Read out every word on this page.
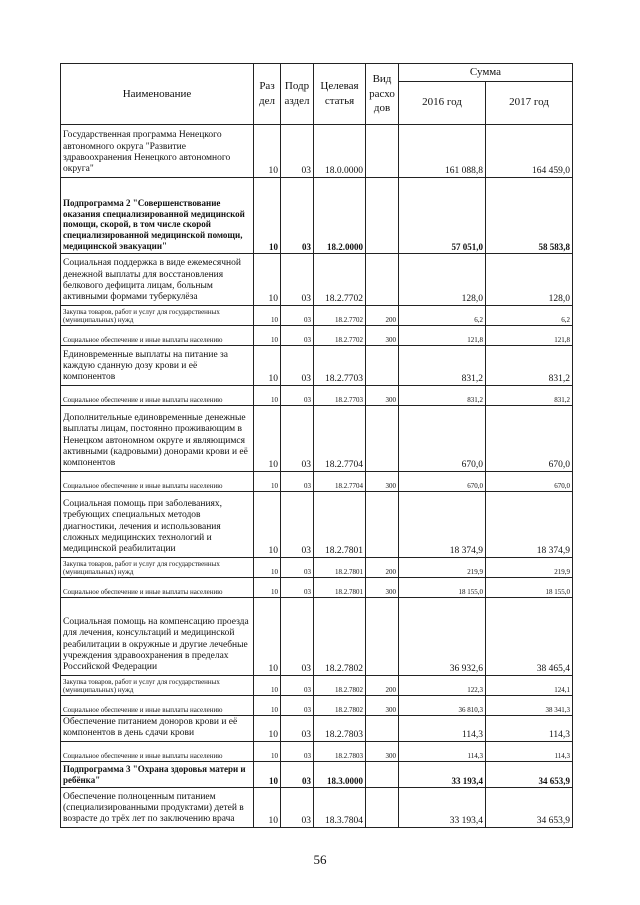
Наименование	Раз дел	Подр аздел	Целевая статья	Вид расхо дов	Сумма	
					2016 год	2017 год
Государственная программа Ненецкого автономного округа "Развитие здравоохранения Ненецкого автономного округа"	10	03	18.0.0000		161 088,8	164 459,0
Подпрограмма 2 "Совершенствование оказания специализированной медицинской помощи, скорой, в том числе скорой специализированной медицинской помощи, медицинской эвакуации"	10	03	18.2.0000		57 051,0	58 583,8
Социальная поддержка в виде ежемесячной денежной выплаты для восстановления белкового дефицита лицам, больным активными формами туберкулёза	10	03	18.2.7702		128,0	128,0
Закупка товаров, работ и услуг для государственных (муниципальных) нужд	10	03	18.2.7702	200	6,2	6,2
Социальное обеспечение и иные выплаты населению	10	03	18.2.7702	300	121,8	121,8
Единовременные выплаты на питание за каждую сданную дозу крови и её компонентов	10	03	18.2.7703		831,2	831,2
Социальное обеспечение и иные выплаты населению	10	03	18.2.7703	300	831,2	831,2
Дополнительные единовременные денежные выплаты лицам, постоянно проживающим в Ненецком автономном округе и являющимся активными (кадровыми) донорами крови и её компонентов	10	03	18.2.7704		670,0	670,0
Социальное обеспечение и иные выплаты населению	10	03	18.2.7704	300	670,0	670,0
Социальная помощь при заболеваниях, требующих специальных методов диагностики, лечения и использования сложных медицинских технологий и медицинской реабилитации	10	03	18.2.7801		18 374,9	18 374,9
Закупка товаров, работ и услуг для государственных (муниципальных) нужд	10	03	18.2.7801	200	219,9	219,9
Социальное обеспечение и иные выплаты населению	10	03	18.2.7801	300	18 155,0	18 155,0
Социальная помощь на компенсацию проезда для лечения, консультаций и медицинской реабилитации в окружные и другие лечебные учреждения здравоохранения в пределах Российской Федерации	10	03	18.2.7802		36 932,6	38 465,4
Закупка товаров, работ и услуг для государственных (муниципальных) нужд	10	03	18.2.7802	200	122,3	124,1
Социальное обеспечение и иные выплаты населению	10	03	18.2.7802	300	36 810,3	38 341,3
Обеспечение питанием доноров крови и её компонентов в день сдачи крови	10	03	18.2.7803		114,3	114,3
Социальное обеспечение и иные выплаты населению	10	03	18.2.7803	300	114,3	114,3
Подпрограмма 3 "Охрана здоровья матери и ребёнка"	10	03	18.3.0000		33 193,4	34 653,9
Обеспечение полноценным питанием (специализированными продуктами) детей в возрасте до трёх лет по заключению врача	10	03	18.3.7804		33 193,4	34 653,9
56
